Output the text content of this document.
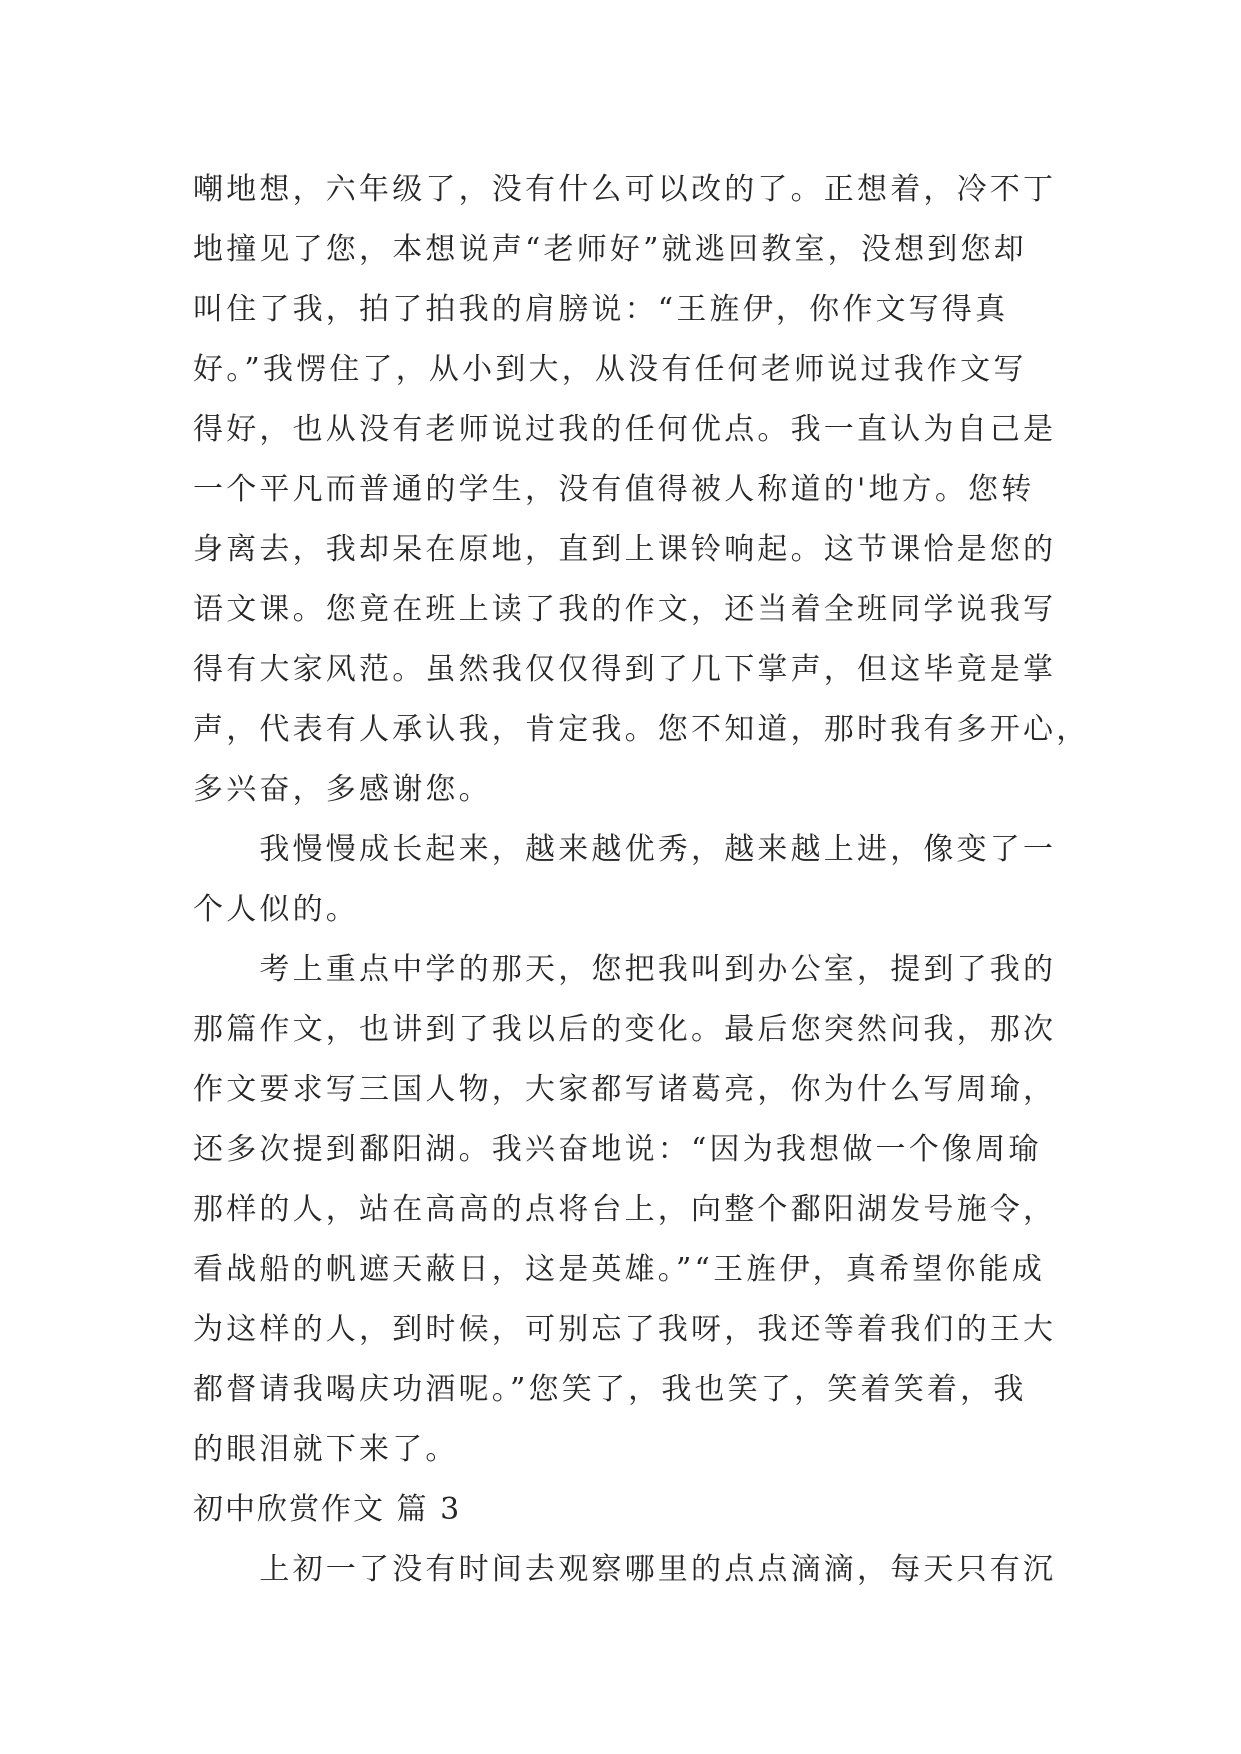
嘲地想，六年级了，没有什么可以改的了。正想着，冷不丁
地撞见了您，本想说声“老师好”就逃回教室，没想到您却
叫住了我，拍了拍我的肩膀说：“王旌伊，你作文写得真
好。”我愣住了，从小到大，从没有任何老师说过我作文写
得好，也从没有老师说过我的任何优点。我一直认为自己是
一个平凡而普通的学生，没有值得被人称道的'地方。您转
身离去，我却呆在原地，直到上课铃响起。这节课恰是您的
语文课。您竟在班上读了我的作文，还当着全班同学说我写
得有大家风范。虽然我仅仅得到了几下掌声，但这毕竟是掌
声，代表有人承认我，肯定我。您不知道，那时我有多开心，
多兴奋，多感谢您。
　　我慢慢成长起来，越来越优秀，越来越上进，像变了一
个人似的。
　　考上重点中学的那天，您把我叫到办公室，提到了我的
那篇作文，也讲到了我以后的变化。最后您突然问我，那次
作文要求写三国人物，大家都写诸葛亮，你为什么写周瑜，
还多次提到鄱阳湖。我兴奋地说：“因为我想做一个像周瑜
那样的人，站在高高的点将台上，向整个鄱阳湖发号施令，
看战船的帆遮天蔽日，这是英雄。”“王旌伊，真希望你能成
为这样的人，到时候，可别忘了我呀，我还等着我们的王大
都督请我喝庆功酒呢。”您笑了，我也笑了，笑着笑着，我
的眼泪就下来了。
初中欣赏作文 篇 3
　　上初一了没有时间去观察哪里的点点滴滴，每天只有沉
